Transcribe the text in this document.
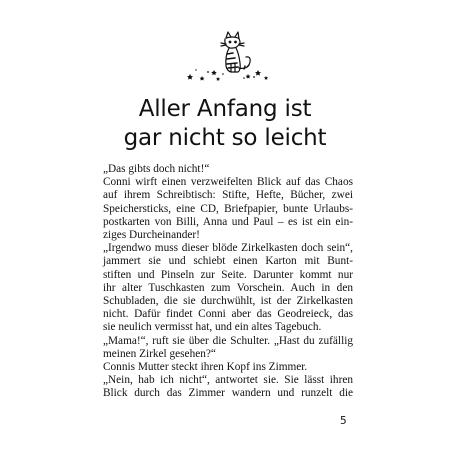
Aller Anfang ist
gar nicht so leicht
„Das gibts doch nicht!“
Conni wirft einen verzweifelten Blick auf das Chaos
auf ihrem Schreibtisch: Stifte, Hefte, Bücher, zwei
Speichersticks, eine CD, Briefpapier, bunte Urlaubs-
postkarten von Billi, Anna und Paul – es ist ein ein-
ziges Durcheinander!
„Irgendwo muss dieser blöde Zirkelkasten doch sein“,
jammert sie und schiebt einen Karton mit Bunt-
stiften und Pinseln zur Seite. Darunter kommt nur
ihr alter Tuschkasten zum Vorschein. Auch in den
Schubladen, die sie durchwühlt, ist der Zirkelkasten
nicht. Dafür findet Conni aber das Geodreieck, das
sie neulich vermisst hat, und ein altes Tagebuch.
„Mama!“, ruft sie über die Schulter. „Hast du zufällig
meinen Zirkel gesehen?“
Connis Mutter steckt ihren Kopf ins Zimmer.
„Nein, hab ich nicht“, antwortet sie. Sie lässt ihren
Blick durch das Zimmer wandern und runzelt die
5
